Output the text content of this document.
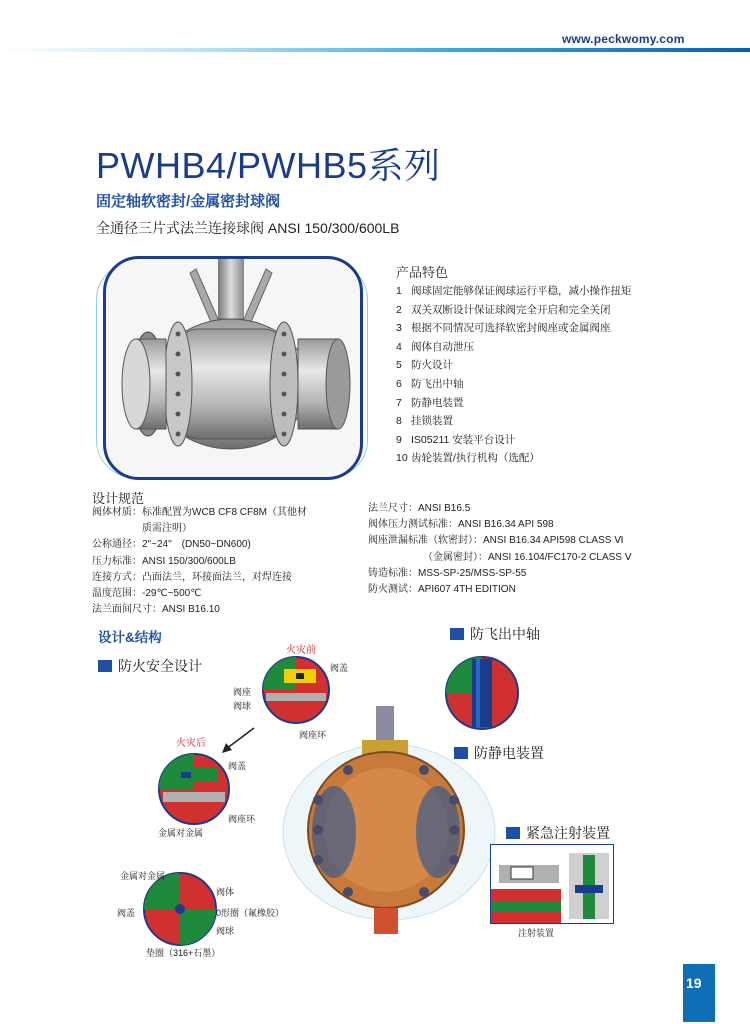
www.peckwomy.com
PWHB4/PWHB5系列
固定轴软密封/金属密封球阀
全通径三片式法兰连接球阀 ANSI 150/300/600LB
产品特色
1 阀球固定能够保证阀球运行平稳，减小操作扭矩
2 双关双断设计保证球阀完全开启和完全关闭
3 根据不同情况可选择软密封阀座或金属阀座
4 阀体自动泄压
5 防火设计
6 防飞出中轴
7 防静电装置
8 挂锁装置
9 IS05211 安装平台设计
10 齿轮装置/执行机构（选配）
设计规范
阀体材质：标准配置为WCB CF8 CF8M（其他材
　　　　　质需注明）
公称通径：2"~24"　(DN50~DN600)
压力标准：ANSI 150/300/600LB
连接方式：凸面法兰，环接面法兰，对焊连接
温度范围：-29℃~500℃
法兰面间尺寸：ANSI B16.10
法兰尺寸：ANSI B16.5
阀体压力测试标准：ANSI B16.34 API 598
阀座泄漏标准（软密封）：ANSI B16.34 API598 CLASS Ⅵ
　　　　　　（金属密封）：ANSI 16.104/FC170-2 CLASS Ⅴ
铸造标准：MSS-SP-25/MSS-SP-55
防火测试：API607 4TH EDITION
设计&结构
防火安全设计
火灾前
火灾后
阀盖
阀座
阀球
阀座环
阀盖
阀座环
金属对金属
金属对金属
阀体
0形圈（氟橡胶）
阀盖
阀球
垫圈（316+石墨）
防飞出中轴
防静电装置
紧急注射装置
注射装置
19
